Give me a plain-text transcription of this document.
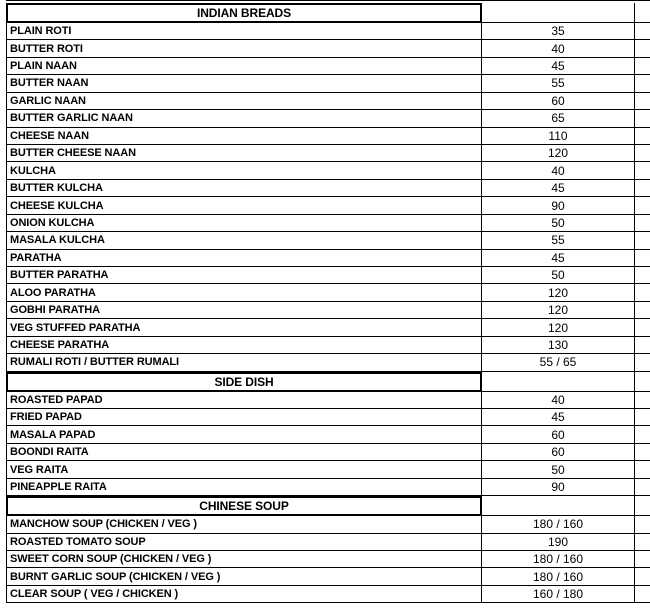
INDIAN BREADS
PLAIN ROTI	35
BUTTER ROTI	40
PLAIN NAAN	45
BUTTER NAAN	55
GARLIC NAAN	60
BUTTER GARLIC NAAN	65
CHEESE NAAN	110
BUTTER CHEESE NAAN	120
KULCHA	40
BUTTER KULCHA	45
CHEESE KULCHA	90
ONION KULCHA	50
MASALA KULCHA	55
PARATHA	45
BUTTER PARATHA	50
ALOO PARATHA	120
GOBHI PARATHA	120
VEG STUFFED PARATHA	120
CHEESE PARATHA	130
RUMALI ROTI / BUTTER RUMALI	55 / 65
SIDE DISH
ROASTED PAPAD	40
FRIED PAPAD	45
MASALA PAPAD	60
BOONDI RAITA	60
VEG RAITA	50
PINEAPPLE RAITA	90
CHINESE SOUP
MANCHOW SOUP (CHICKEN / VEG )	180 / 160
ROASTED TOMATO SOUP	190
SWEET CORN SOUP (CHICKEN / VEG )	180 / 160
BURNT GARLIC SOUP (CHICKEN / VEG )	180 / 160
CLEAR SOUP ( VEG / CHICKEN )	160 / 180
